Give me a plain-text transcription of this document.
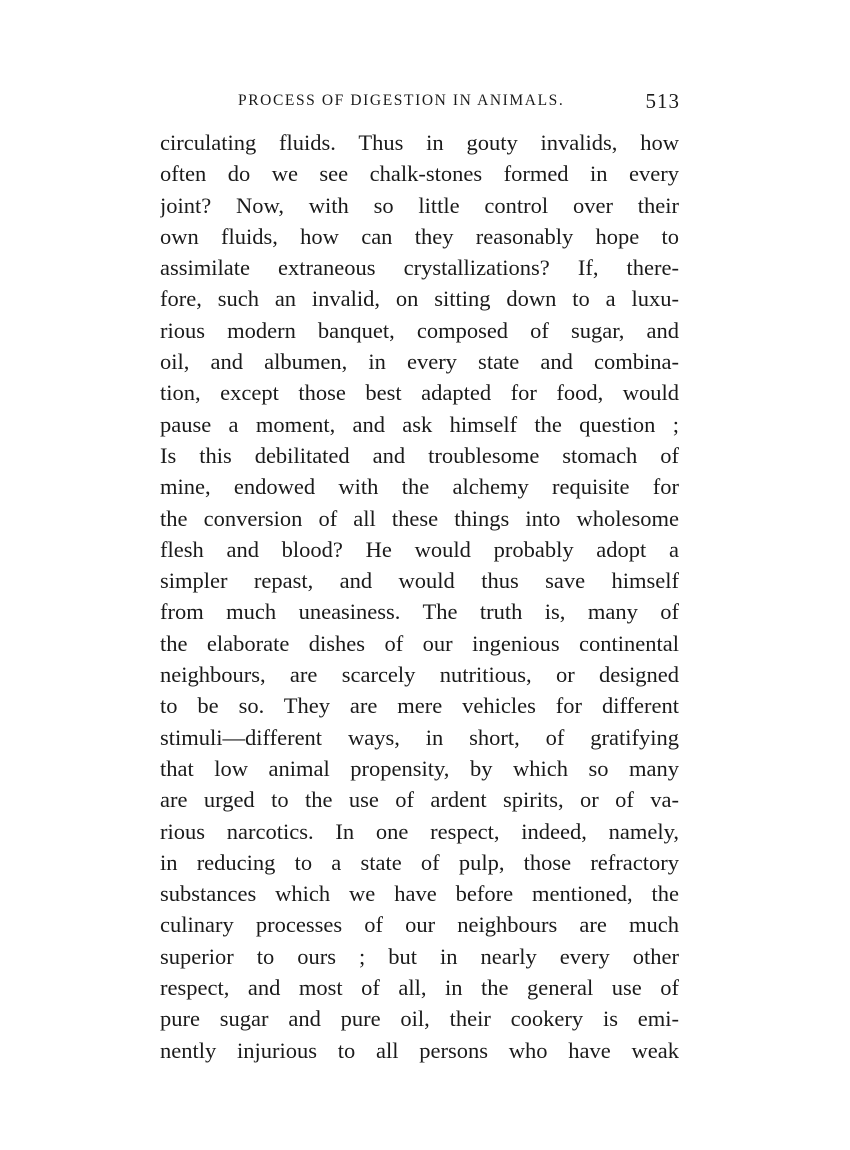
PROCESS OF DIGESTION IN ANIMALS.	513
circulating fluids. Thus in gouty invalids, how
often do we see chalk-stones formed in every
joint? Now, with so little control over their
own fluids, how can they reasonably hope to
assimilate extraneous crystallizations? If, there-
fore, such an invalid, on sitting down to a luxu-
rious modern banquet, composed of sugar, and
oil, and albumen, in every state and combina-
tion, except those best adapted for food, would
pause a moment, and ask himself the question ;
Is this debilitated and troublesome stomach of
mine, endowed with the alchemy requisite for
the conversion of all these things into wholesome
flesh and blood? He would probably adopt a
simpler repast, and would thus save himself
from much uneasiness. The truth is, many of
the elaborate dishes of our ingenious continental
neighbours, are scarcely nutritious, or designed
to be so. They are mere vehicles for different
stimuli—different ways, in short, of gratifying
that low animal propensity, by which so many
are urged to the use of ardent spirits, or of va-
rious narcotics. In one respect, indeed, namely,
in reducing to a state of pulp, those refractory
substances which we have before mentioned, the
culinary processes of our neighbours are much
superior to ours ; but in nearly every other
respect, and most of all, in the general use of
pure sugar and pure oil, their cookery is emi-
nently injurious to all persons who have weak
